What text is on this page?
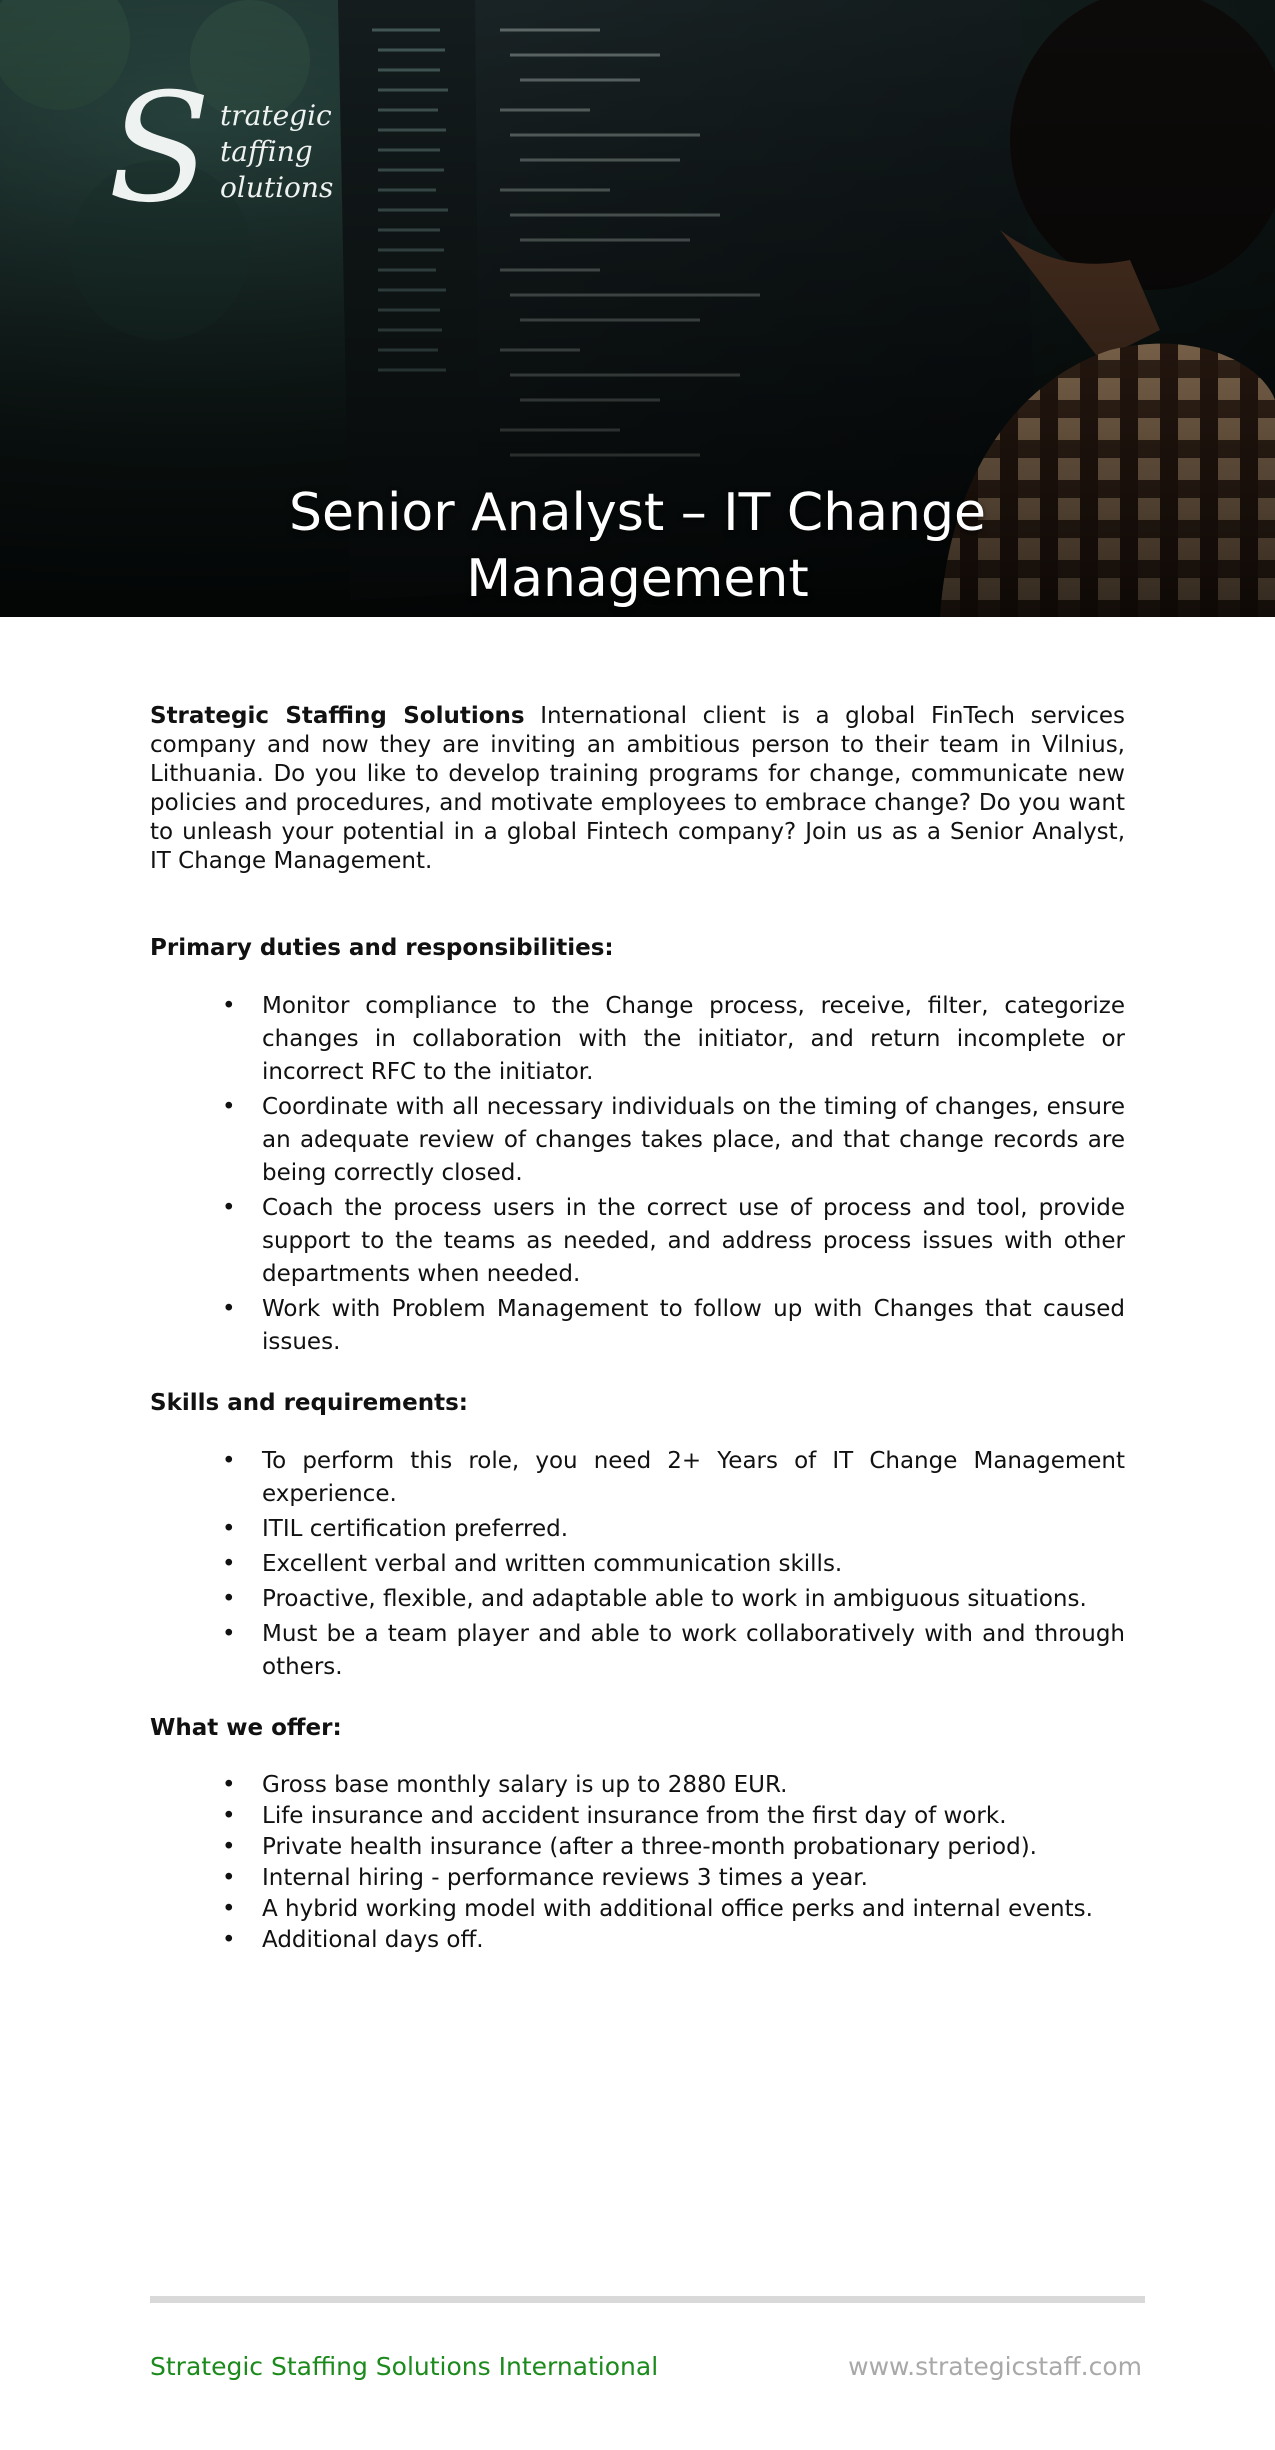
S trategic
taffing
olutions
Senior Analyst – IT Change
Management

Strategic Staffing Solutions International client is a global FinTech services company and now they are inviting an ambitious person to their team in Vilnius, Lithuania. Do you like to develop training programs for change, communicate new policies and procedures, and motivate employees to embrace change? Do you want to unleash your potential in a global Fintech company? Join us as a Senior Analyst, IT Change Management.

Primary duties and responsibilities:

• Monitor compliance to the Change process, receive, filter, categorize changes in collaboration with the initiator, and return incomplete or incorrect RFC to the initiator.
• Coordinate with all necessary individuals on the timing of changes, ensure an adequate review of changes takes place, and that change records are being correctly closed.
• Coach the process users in the correct use of process and tool, provide support to the teams as needed, and address process issues with other departments when needed.
• Work with Problem Management to follow up with Changes that caused issues.

Skills and requirements:

• To perform this role, you need 2+ Years of IT Change Management experience.
• ITIL certification preferred.
• Excellent verbal and written communication skills.
• Proactive, flexible, and adaptable able to work in ambiguous situations.
• Must be a team player and able to work collaboratively with and through others.

What we offer:

• Gross base monthly salary is up to 2880 EUR.
• Life insurance and accident insurance from the first day of work.
• Private health insurance (after a three-month probationary period).
• Internal hiring - performance reviews 3 times a year.
• A hybrid working model with additional office perks and internal events.
• Additional days off.
Strategic Staffing Solutions International	www.strategicstaff.com
